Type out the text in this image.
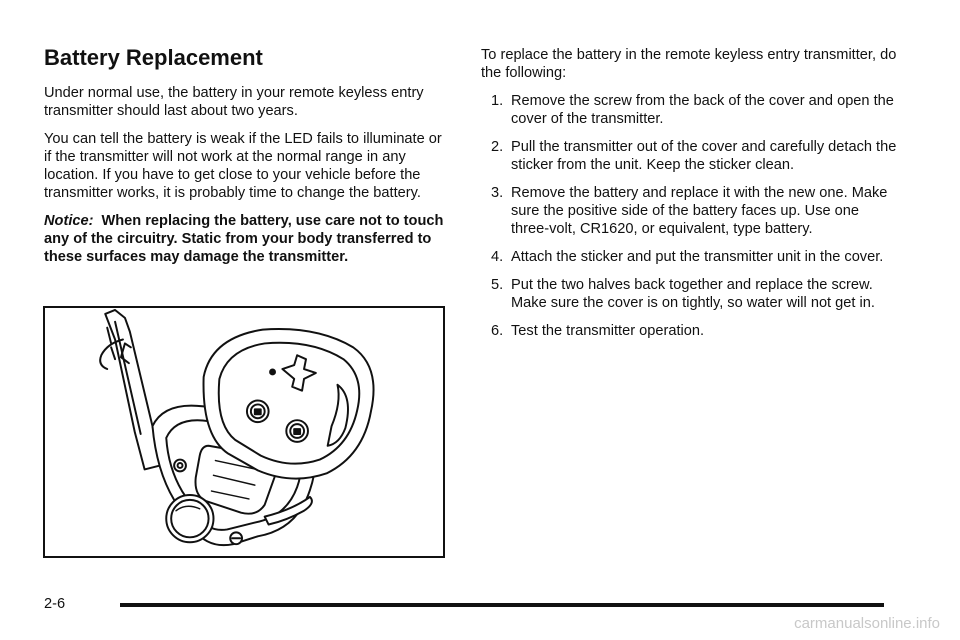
Battery Replacement

Under normal use, the battery in your remote keyless entry transmitter should last about two years.

You can tell the battery is weak if the LED fails to illuminate or if the transmitter will not work at the normal range in any location. If you have to get close to your vehicle before the transmitter works, it is probably time to change the battery.

Notice: When replacing the battery, use care not to touch any of the circuitry. Static from your body transferred to these surfaces may damage the transmitter.

To replace the battery in the remote keyless entry transmitter, do the following:

1. Remove the screw from the back of the cover and open the cover of the transmitter.
2. Pull the transmitter out of the cover and carefully detach the sticker from the unit. Keep the sticker clean.
3. Remove the battery and replace it with the new one. Make sure the positive side of the battery faces up. Use one three-volt, CR1620, or equivalent, type battery.
4. Attach the sticker and put the transmitter unit in the cover.
5. Put the two halves back together and replace the screw. Make sure the cover is on tightly, so water will not get in.
6. Test the transmitter operation.
2-6
carmanualsonline.info
